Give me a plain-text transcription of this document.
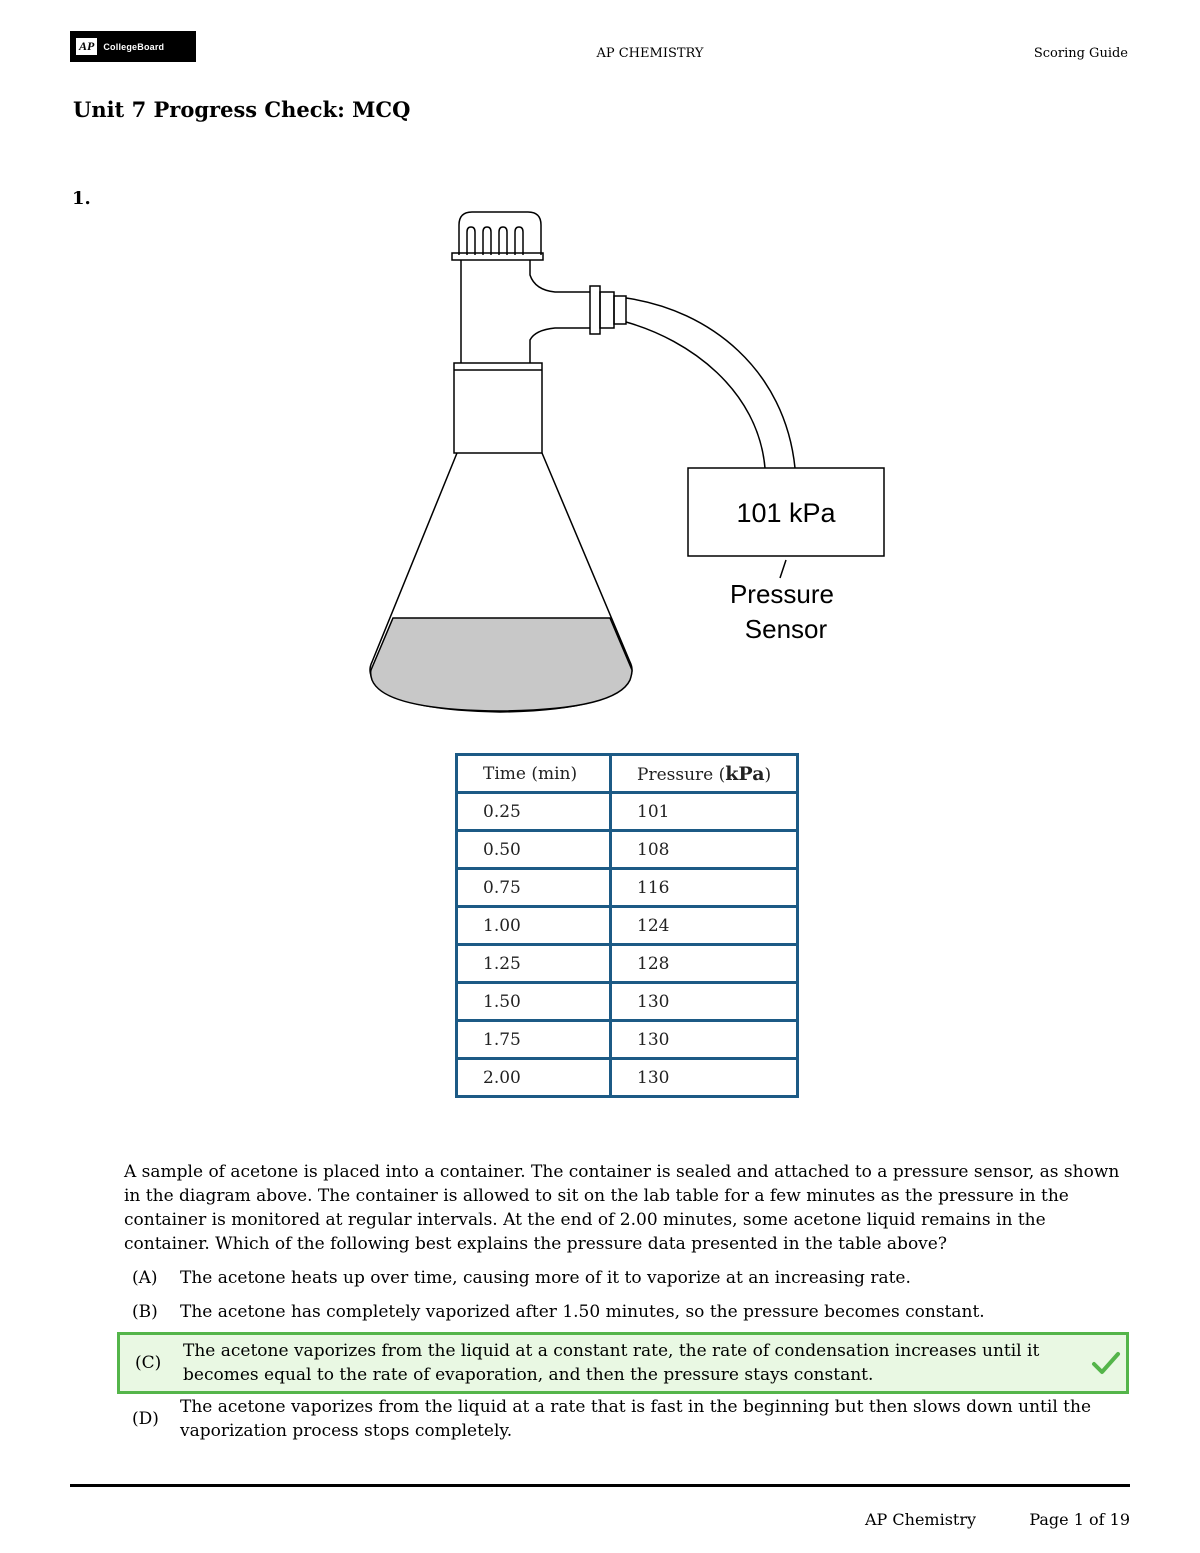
AP	CollegeBoard	AP CHEMISTRY	Scoring Guide
Unit 7 Progress Check: MCQ
1.
101 kPa
Pressure
Sensor
Time (min)	Pressure (kPa)
0.25	101
0.50	108
0.75	116
1.00	124
1.25	128
1.50	130
1.75	130
2.00	130
A sample of acetone is placed into a container. The container is sealed and attached to a pressure sensor, as shown in the diagram above. The container is allowed to sit on the lab table for a few minutes as the pressure in the container is monitored at regular intervals. At the end of 2.00 minutes, some acetone liquid remains in the container. Which of the following best explains the pressure data presented in the table above?
(A)	The acetone heats up over time, causing more of it to vaporize at an increasing rate.
(B)	The acetone has completely vaporized after 1.50 minutes, so the pressure becomes constant.
(C)
The acetone vaporizes from the liquid at a constant rate, the rate of condensation increases until it becomes equal to the rate of evaporation, and then the pressure stays constant.
(D)
The acetone vaporizes from the liquid at a rate that is fast in the beginning but then slows down until the vaporization process stops completely.
AP Chemistry	Page 1 of 19
